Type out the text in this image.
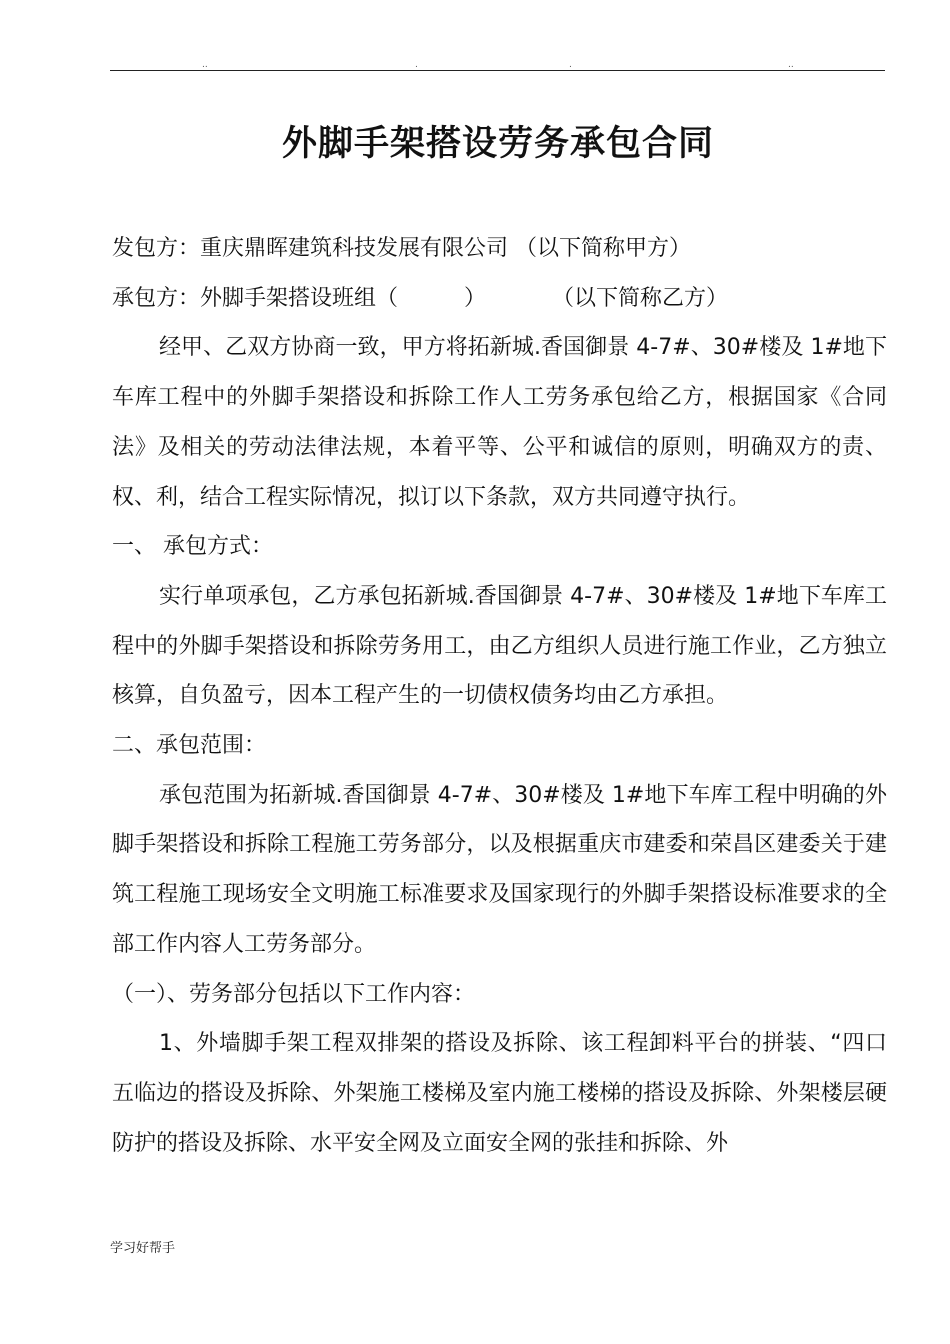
..	.	.	..
外脚手架搭设劳务承包合同

发包方：重庆鼎晖建筑科技发展有限公司 （以下简称甲方）

承包方：外脚手架搭设班组（　　　）　　　　（以下简称乙方）

经甲、乙双方协商一致，甲方将拓新城.香国御景 4-7#、30#楼及 1#地下车库工程中的外脚手架搭设和拆除工作人工劳务承包给乙方，根据国家《合同法》及相关的劳动法律法规，本着平等、公平和诚信的原则，明确双方的责、权、利，结合工程实际情况，拟订以下条款，双方共同遵守执行。

一、 承包方式：

实行单项承包，乙方承包拓新城.香国御景 4-7#、30#楼及 1#地下车库工程中的外脚手架搭设和拆除劳务用工，由乙方组织人员进行施工作业，乙方独立核算，自负盈亏，因本工程产生的一切债权债务均由乙方承担。

二、承包范围：

承包范围为拓新城.香国御景 4-7#、30#楼及 1#地下车库工程中明确的外脚手架搭设和拆除工程施工劳务部分，以及根据重庆市建委和荣昌区建委关于建筑工程施工现场安全文明施工标准要求及国家现行的外脚手架搭设标准要求的全部工作内容人工劳务部分。

（一）、劳务部分包括以下工作内容：

1、外墙脚手架工程双排架的搭设及拆除、该工程卸料平台的拼装、“四口五临边的搭设及拆除、外架施工楼梯及室内施工楼梯的搭设及拆除、外架楼层硬防护的搭设及拆除、水平安全网及立面安全网的张挂和拆除、外

学习好帮手
